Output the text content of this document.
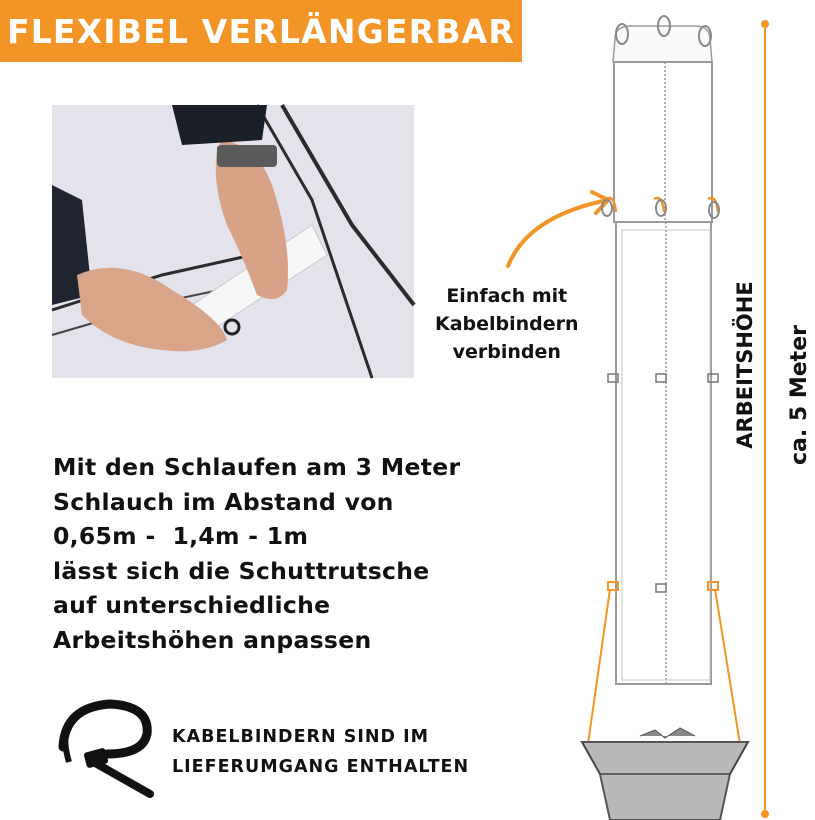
FLEXIBEL VERLÄNGERBAR
Einfach mit
Kabelbindern
verbinden
Mit den Schlaufen am 3 Meter
Schlauch im Abstand von
0,65m -  1,4m - 1m
lässt sich die Schuttrutsche
auf unterschiedliche
Arbeitshöhen anpassen
KABELBINDERN SIND IM
LIEFERUMGANG ENTHALTEN
ARBEITSHÖHE ca. 5 Meter
